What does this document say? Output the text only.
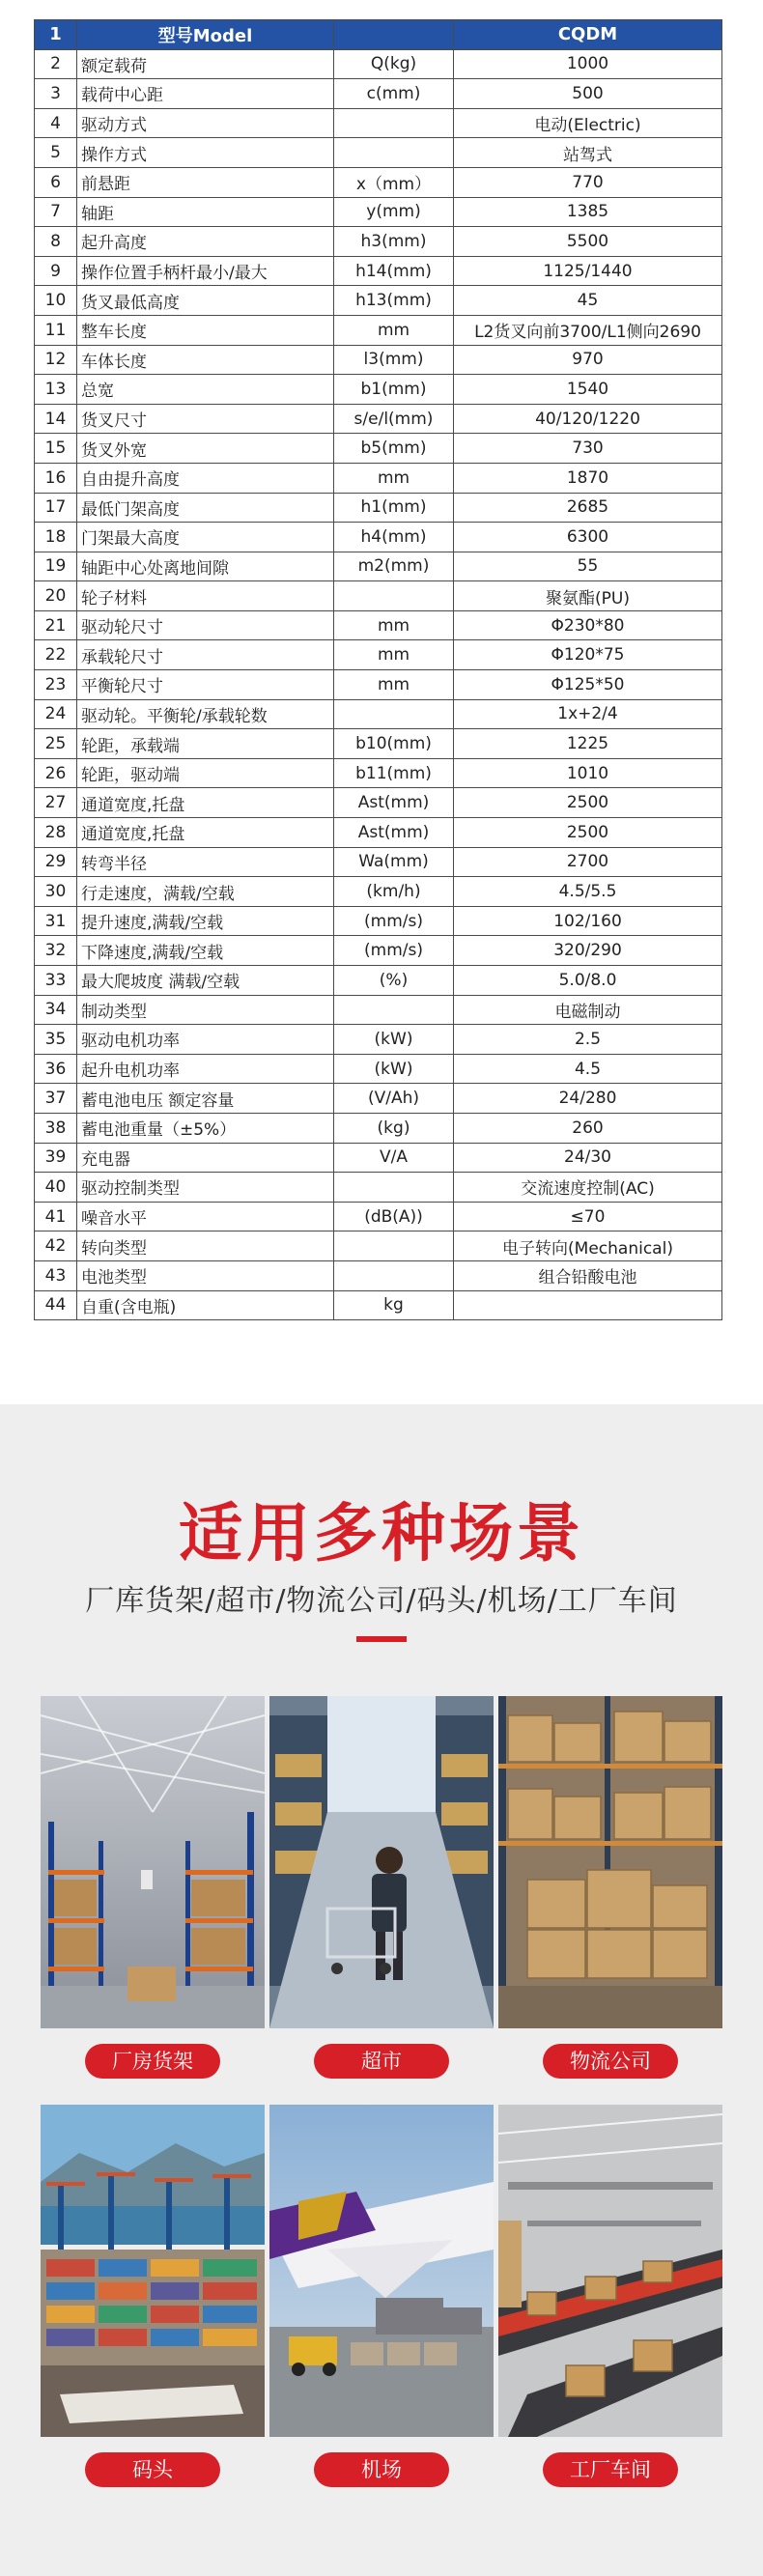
1	型号Model		CQDM
2	额定载荷	Q(kg)	1000
3	载荷中心距	c(mm)	500
4	驱动方式		电动(Electric)
5	操作方式		站驾式
6	前悬距	x（mm）	770
7	轴距	y(mm)	1385
8	起升高度	h3(mm)	5500
9	操作位置手柄杆最小/最大	h14(mm)	1125/1440
10	货叉最低高度	h13(mm)	45
11	整车长度	mm	L2货叉向前3700/L1侧向2690
12	车体长度	l3(mm)	970
13	总宽	b1(mm)	1540
14	货叉尺寸	s/e/l(mm)	40/120/1220
15	货叉外宽	b5(mm)	730
16	自由提升高度	mm	1870
17	最低门架高度	h1(mm)	2685
18	门架最大高度	h4(mm)	6300
19	轴距中心处离地间隙	m2(mm)	55
20	轮子材料		聚氨酯(PU)
21	驱动轮尺寸	mm	Φ230*80
22	承载轮尺寸	mm	Φ120*75
23	平衡轮尺寸	mm	Φ125*50
24	驱动轮。平衡轮/承载轮数		1x+2/4
25	轮距，承载端	b10(mm)	1225
26	轮距，驱动端	b11(mm)	1010
27	通道宽度,托盘	Ast(mm)	2500
28	通道宽度,托盘	Ast(mm)	2500
29	转弯半径	Wa(mm)	2700
30	行走速度，满载/空载	(km/h)	4.5/5.5
31	提升速度,满载/空载	(mm/s)	102/160
32	下降速度,满载/空载	(mm/s)	320/290
33	最大爬坡度 满载/空载	(%)	5.0/8.0
34	制动类型		电磁制动
35	驱动电机功率	(kW)	2.5
36	起升电机功率	(kW)	4.5
37	蓄电池电压 额定容量	(V/Ah)	24/280
38	蓄电池重量（±5%）	(kg)	260
39	充电器	V/A	24/30
40	驱动控制类型		交流速度控制(AC)
41	噪音水平	(dB(A))	≤70
42	转向类型		电子转向(Mechanical)
43	电池类型		组合铅酸电池
44	自重(含电瓶)	kg	
适用多种场景
厂库货架/超市/物流公司/码头/机场/工厂车间
厂房货架	超市	物流公司
码头	机场	工厂车间
